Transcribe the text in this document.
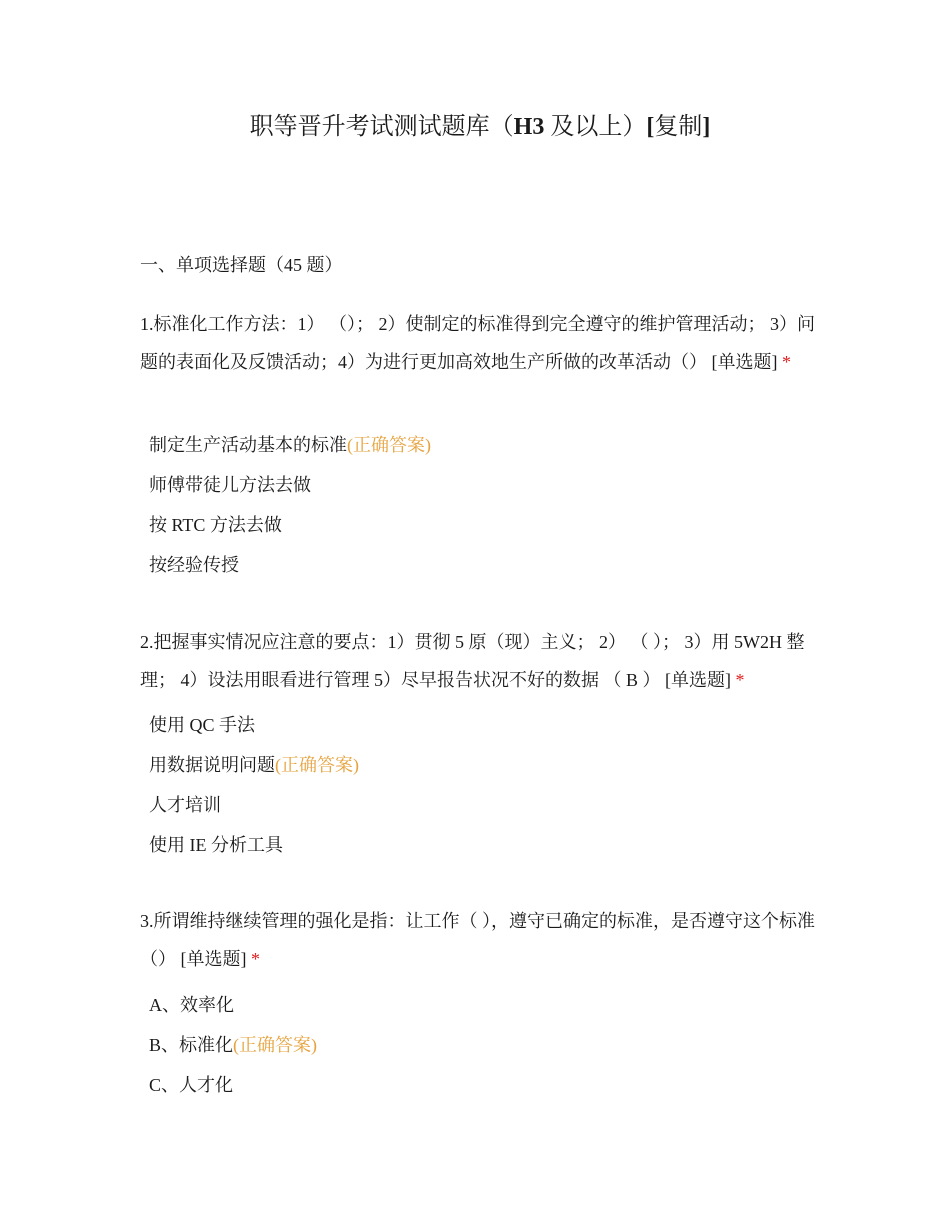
职等晋升考试测试题库（H3 及以上）[复制]
一、单项选择题（45 题）
1.标准化工作方法：1） （）； 2）使制定的标准得到完全遵守的维护管理活动； 3）问题的表面化及反馈活动；4）为进行更加高效地生产所做的改革活动（） [单选题] *
制定生产活动基本的标准(正确答案)
师傅带徒儿方法去做
按 RTC 方法去做
按经验传授
2.把握事实情况应注意的要点：1）贯彻 5 原（现）主义； 2） （ ）； 3）用 5W2H 整理； 4）设法用眼看进行管理 5）尽早报告状况不好的数据 （ B ） [单选题] *
使用 QC 手法
用数据说明问题(正确答案)
人才培训
使用 IE 分析工具
3.所谓维持继续管理的强化是指：让工作（ ），遵守已确定的标准，是否遵守这个标准（） [单选题] *
A、效率化
B、标准化(正确答案)
C、人才化
